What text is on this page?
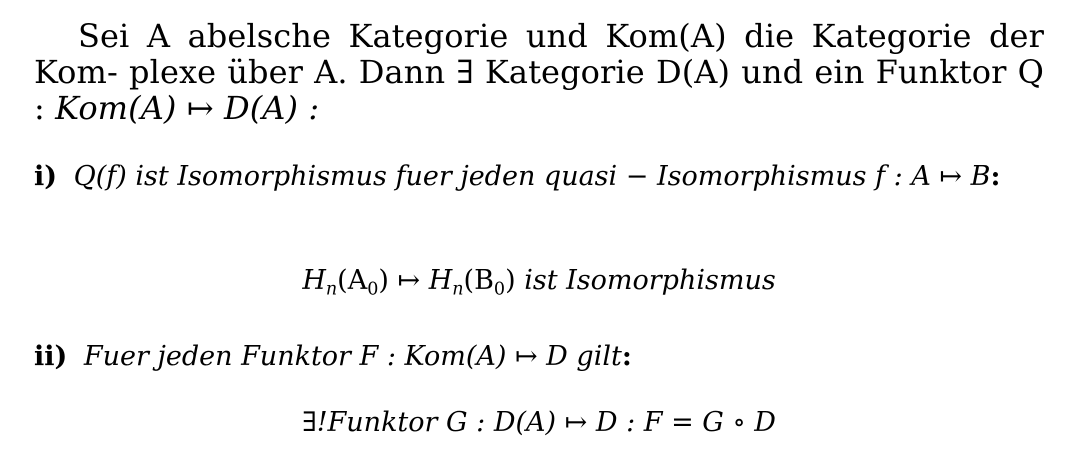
Sei A abelsche Kategorie und Kom(A) die Kategorie der Kom- plexe über A. Dann ∃ Kategorie D(A) und ein Funktor Q : Kom(A) ↦ D(A) :

i) Q(f) ist Isomorphismus fuer jeden quasi − Isomorphismus f : A ↦ B:
$H_n(A_0)$ ↦ $H_n(B_0)$ ist Isomorphismus
ii) Fuer jeden Funktor F : Kom(A) ↦ D gilt:
∃!Funktor G : D(A) ↦ D : F = G ∘ D
